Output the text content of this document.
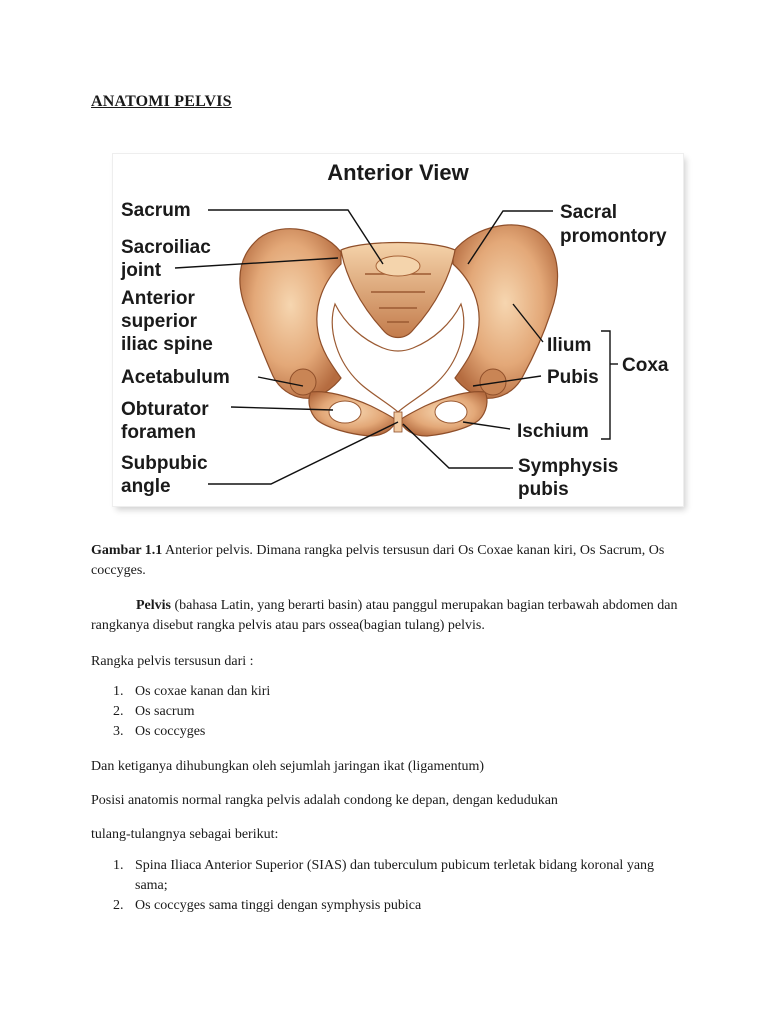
ANATOMI PELVIS
Anterior View
Sacrum
Sacroiliac
joint
Anterior
superior
iliac spine
Acetabulum
Obturator
foramen
Subpubic
angle
Sacral
promontory
Ilium
Pubis
Ischium
Coxa
Symphysis
pubis
Gambar 1.1 Anterior pelvis. Dimana rangka pelvis tersusun dari Os Coxae kanan kiri, Os Sacrum, Os coccyges.
Pelvis (bahasa Latin, yang berarti basin) atau panggul merupakan bagian terbawah abdomen dan rangkanya disebut rangka pelvis atau pars ossea(bagian tulang) pelvis.
Rangka pelvis tersusun dari :
1. Os coxae kanan dan kiri
2. Os sacrum
3. Os coccyges
Dan ketiganya dihubungkan oleh sejumlah jaringan ikat (ligamentum)
Posisi anatomis normal rangka pelvis adalah condong ke depan, dengan kedudukan
tulang-tulangnya sebagai berikut:
1. Spina Iliaca Anterior Superior (SIAS) dan tuberculum pubicum terletak bidang koronal yang sama;
2. Os coccyges sama tinggi dengan symphysis pubica
